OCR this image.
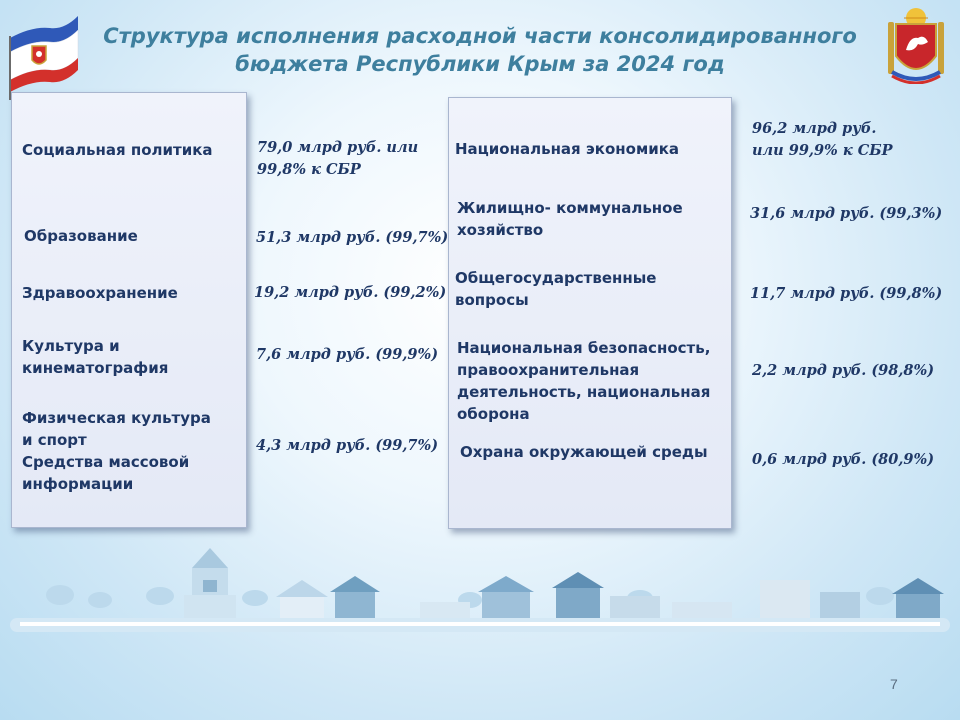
Структура исполнения расходной части консолидированного
бюджета Республики Крым за 2024 год

Социальная политика

Образование

Здравоохранение

Культура и
кинематография

Физическая культура
и спорт
Средства массовой
информации

79,0 млрд руб. или
99,8% к СБР

51,3 млрд руб. (99,7%)

19,2 млрд руб. (99,2%)

7,6 млрд руб. (99,9%)

4,3 млрд руб. (99,7%)

Национальная экономика

Жилищно- коммунальное
хозяйство

Общегосударственные
вопросы

Национальная безопасность,
правоохранительная
деятельность, национальная
оборона

Охрана окружающей среды

96,2 млрд руб.
или 99,9% к СБР

31,6 млрд руб. (99,3%)

11,7 млрд руб. (99,8%)

2,2 млрд руб. (98,8%)

0,6 млрд руб. (80,9%)

7
